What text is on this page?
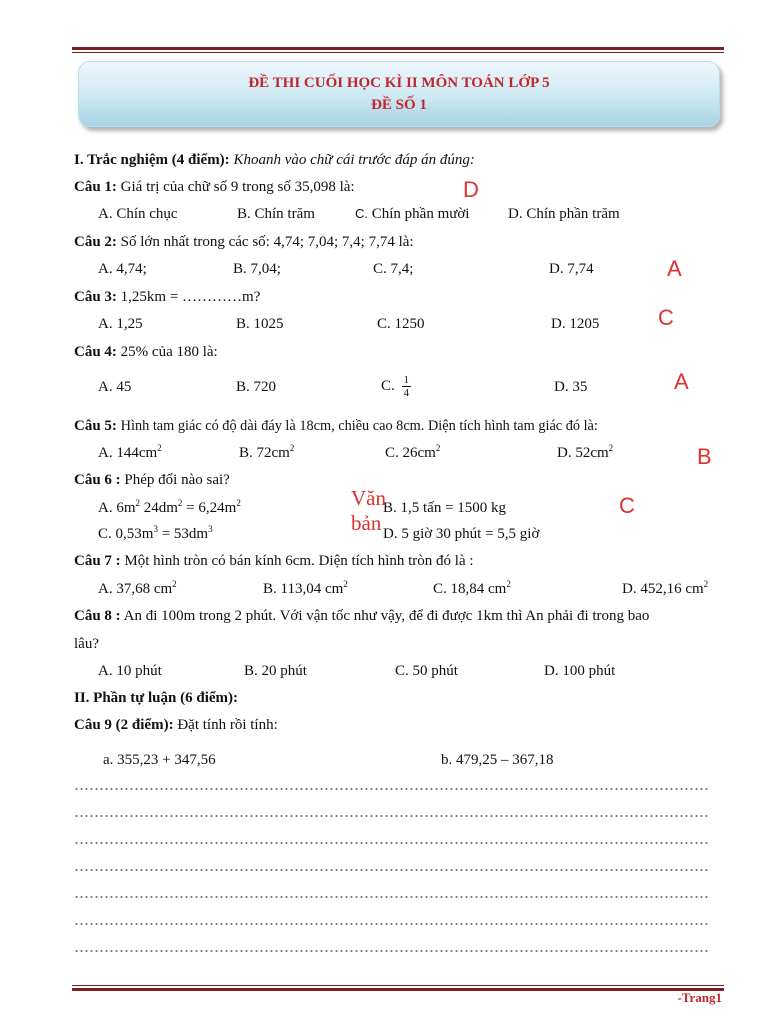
ĐỀ THI CUỐI HỌC KÌ II MÔN TOÁN LỚP 5
ĐỀ SỐ 1
I. Trắc nghiệm (4 điểm): Khoanh vào chữ cái trước đáp án đúng:
Câu 1: Giá trị của chữ số 9 trong số 35,098 là:	D
A. Chín chục	B. Chín trăm	C. Chín phần mười	D. Chín phần trăm
Câu 2: Số lớn nhất trong các số: 4,74; 7,04; 7,4; 7,74 là:
A. 4,74;	B. 7,04;	C. 7,4;	D. 7,74	A
Câu 3: 1,25km = …………m?
A. 1,25	B. 1025	C. 1250	D. 1205	C
Câu 4: 25% của 180 là:
A. 45	B. 720	C. $\frac{1}{4}$	D. 35	A
Câu 5: Hình tam giác có độ dài đáy là 18cm, chiều cao 8cm. Diện tích hình tam giác đó là:
A. $144cm^2$	B. $72cm^2$	C. $26cm^2$	D. $52cm^2$	B
Câu 6 : Phép đổi nào sai?
A. $6m^2$ $24dm^2 = 6,24m^2$	B. 1,5 tấn = 1500 kg
C. $0,53m^3 = 53dm^3$	D. 5 giờ 30 phút = 5,5 giờ
Văn
bản
C
Câu 7 : Một hình tròn có bán kính 6cm. Diện tích hình tròn đó là :
A. 37,68 $cm^2$	B. 113,04 $cm^2$	C. 18,84 $cm^2$	D. 452,16 $cm^2$
Câu 8 : An đi 100m trong 2 phút. Với vận tốc như vậy, để đi được 1km thì An phải đi trong bao
lâu?
A. 10 phút	B. 20 phút	C. 50 phút	D. 100 phút
II. Phần tự luận (6 điểm):
Câu 9 (2 điểm): Đặt tính rồi tính:
a. 355,23 + 347,56	b. 479,25 – 367,18
-Trang1
